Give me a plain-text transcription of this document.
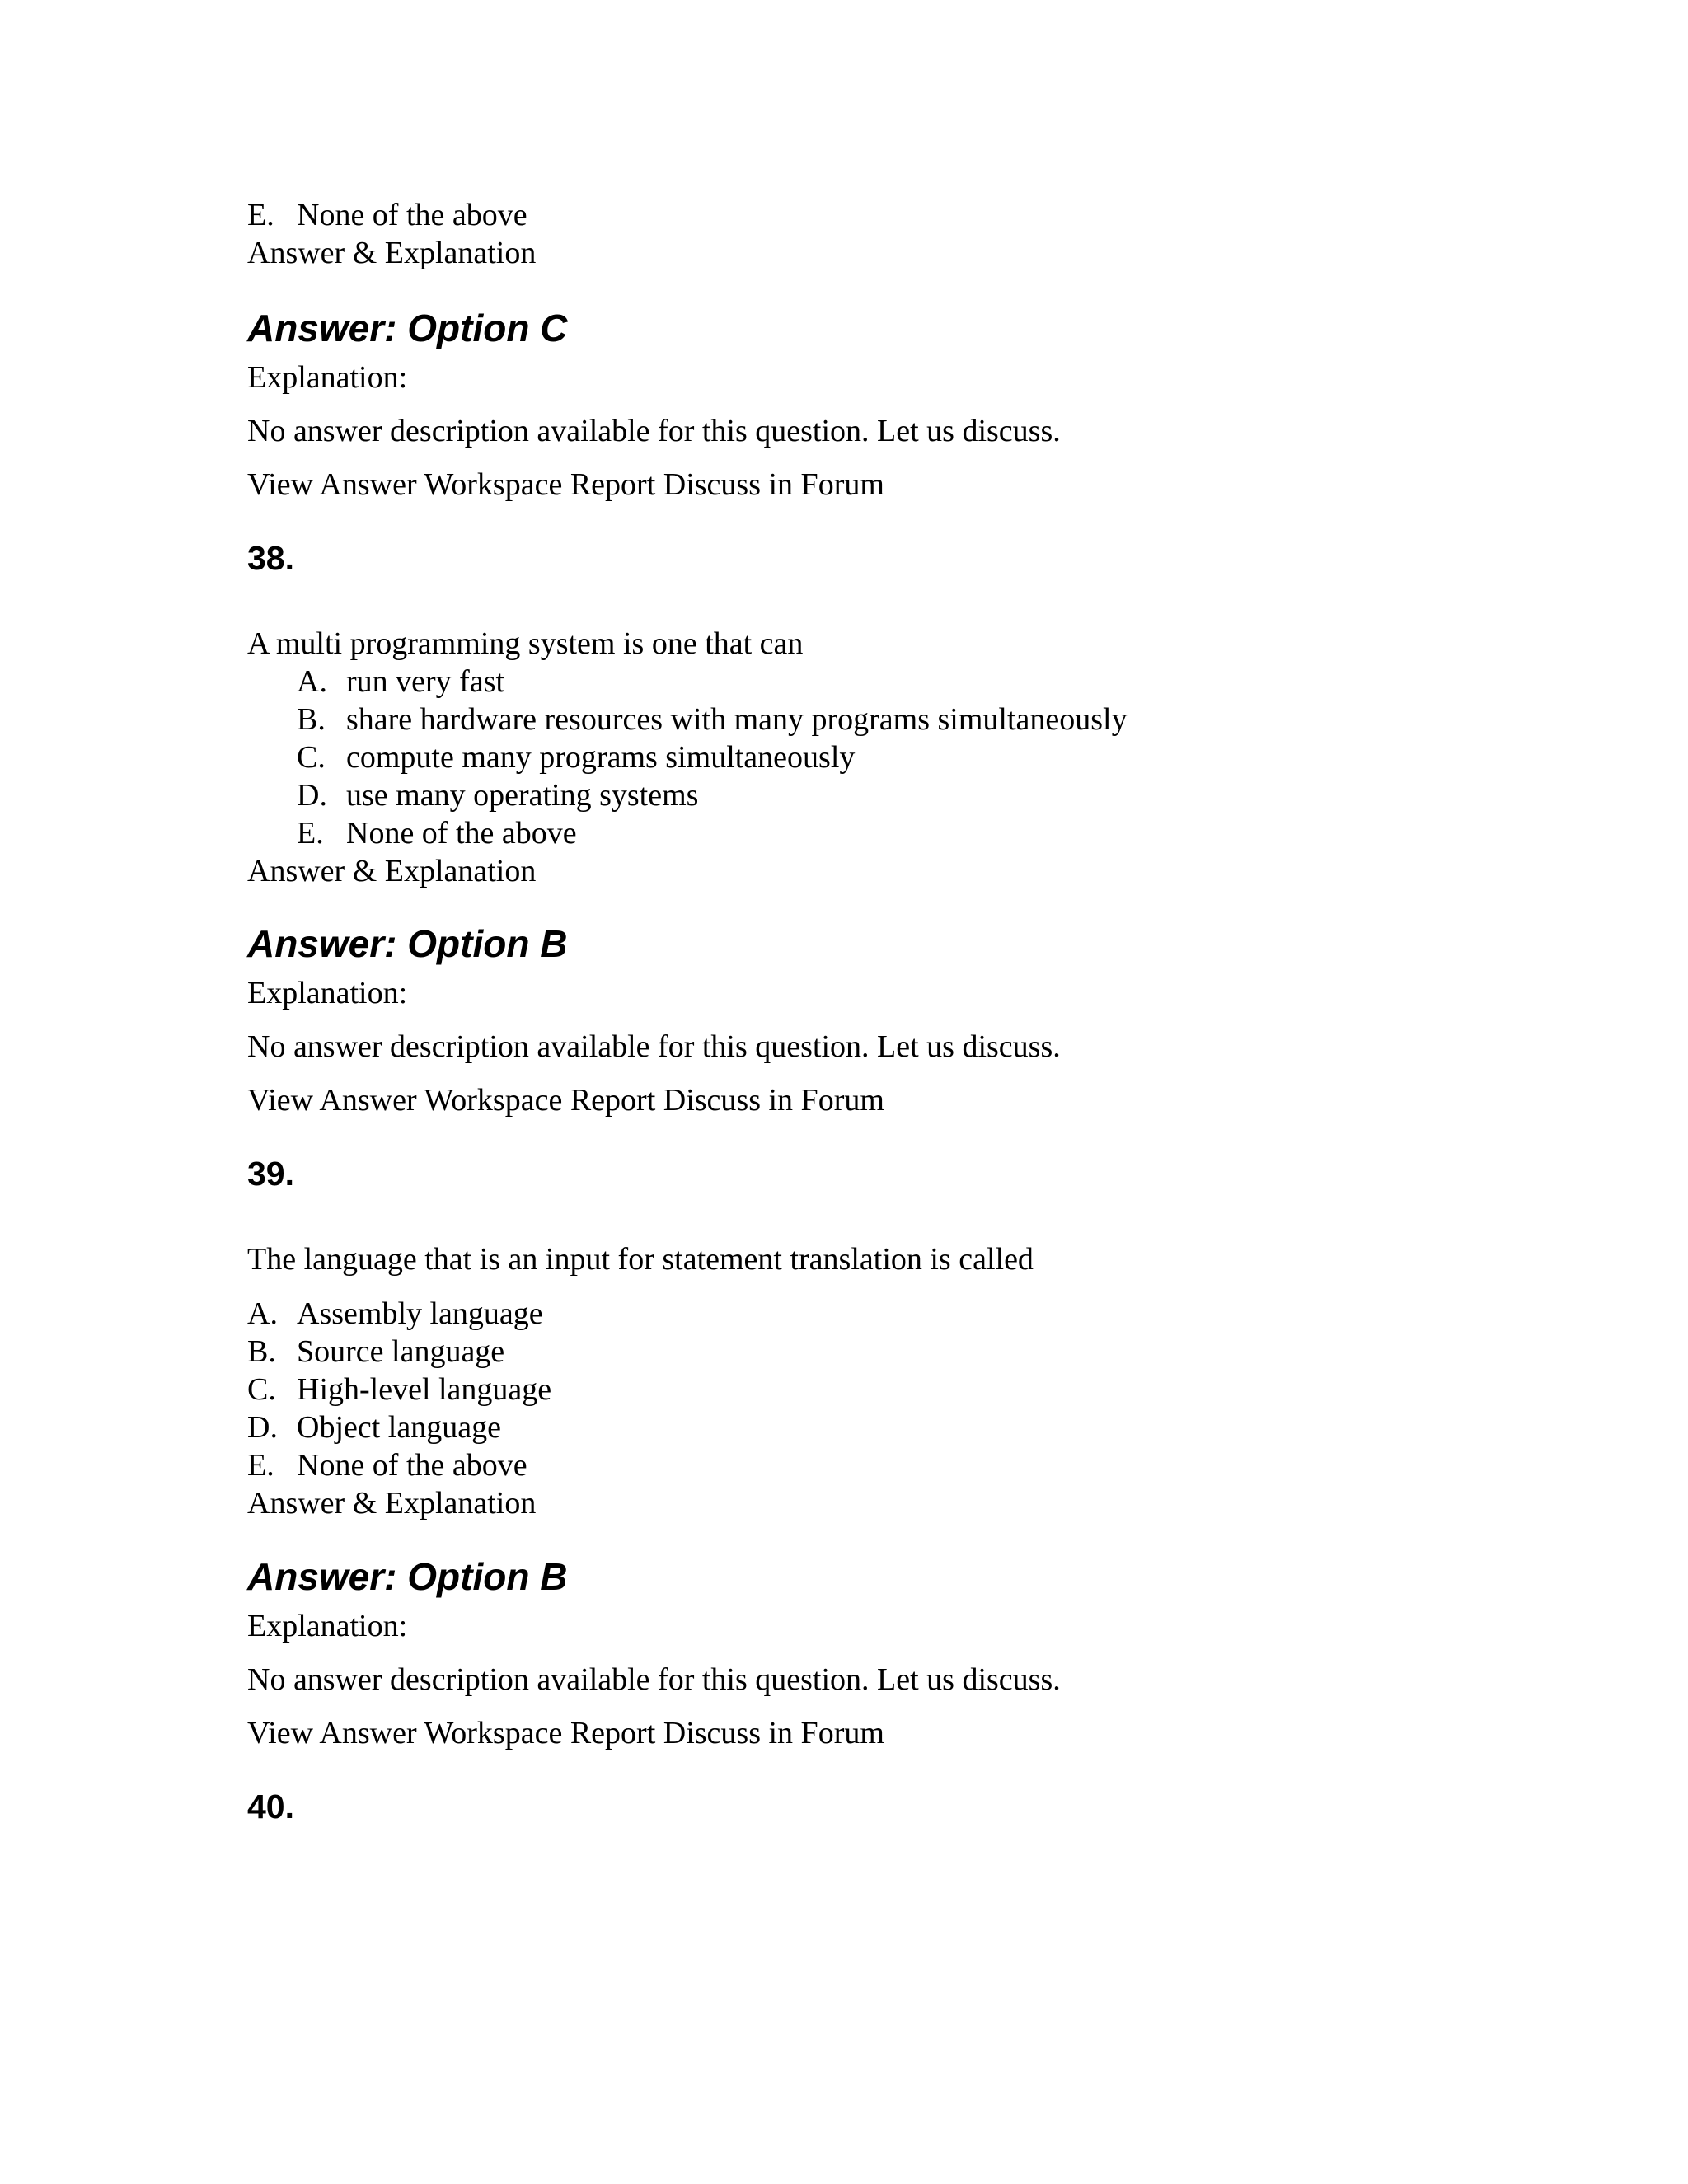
E. None of the above

Answer & Explanation

Answer: Option C

Explanation:

No answer description available for this question. Let us discuss.

View Answer Workspace Report Discuss in Forum

38.

A multi programming system is one that can

A. run very fast

B. share hardware resources with many programs simultaneously

C. compute many programs simultaneously

D. use many operating systems

E. None of the above

Answer & Explanation

Answer: Option B

Explanation:

No answer description available for this question. Let us discuss.

View Answer Workspace Report Discuss in Forum

39.

The language that is an input for statement translation is called

A. Assembly language

B. Source language

C. High-level language

D. Object language

E. None of the above

Answer & Explanation

Answer: Option B

Explanation:

No answer description available for this question. Let us discuss.

View Answer Workspace Report Discuss in Forum

40.
